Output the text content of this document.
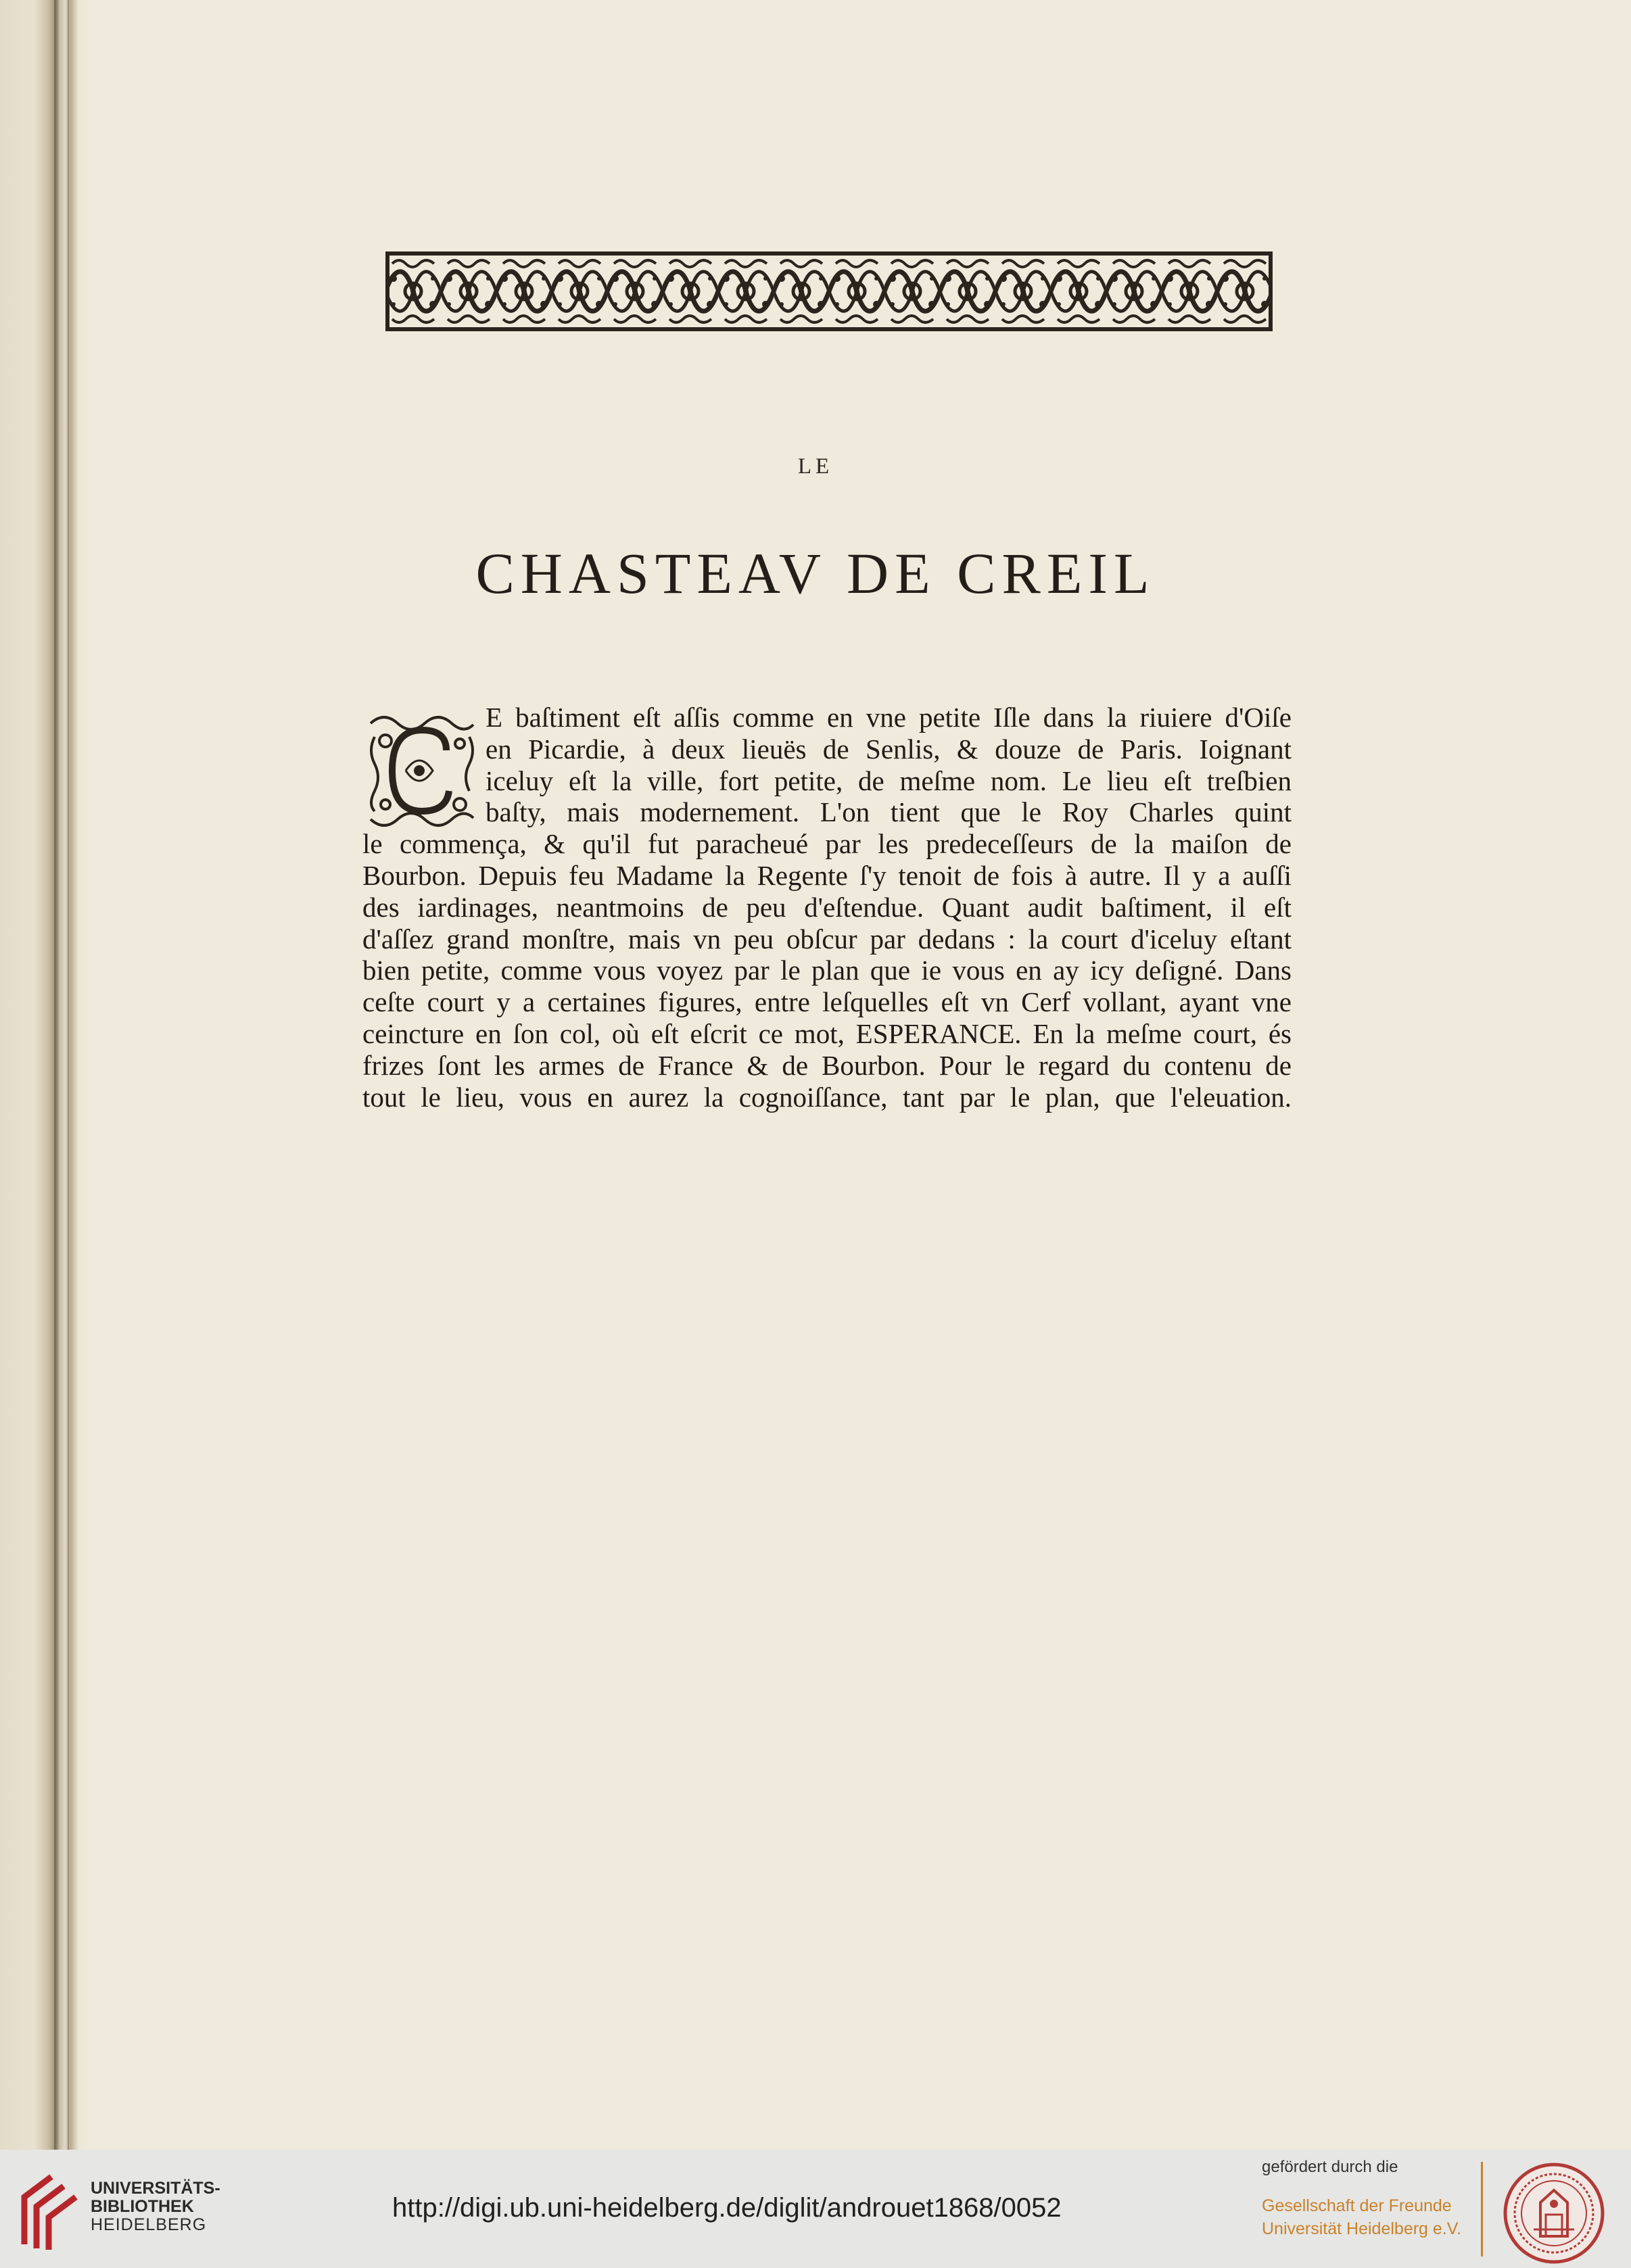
LE
CHASTEAV DE CREIL
E baſtiment eſt aſſis comme en vne petite Iſle dans la riuiere d'Oiſe
en Picardie, à deux lieuës de Senlis, & douze de Paris. Ioignant
iceluy eſt la ville, fort petite, de meſme nom. Le lieu eſt treſbien
baſty, mais modernement. L'on tient que le Roy Charles quint
le commença, & qu'il fut paracheué par les predeceſſeurs de la maiſon de
Bourbon. Depuis feu Madame la Regente ſ'y tenoit de fois à autre. Il y a auſſi
des iardinages, neantmoins de peu d'eſtendue. Quant audit baſtiment, il eſt
d'aſſez grand monſtre, mais vn peu obſcur par dedans : la court d'iceluy eſtant
bien petite, comme vous voyez par le plan que ie vous en ay icy deſigné. Dans
ceſte court y a certaines figures, entre leſquelles eſt vn Cerf vollant, ayant vne
ceincture en ſon col, où eſt eſcrit ce mot, ESPERANCE. En la meſme court, és
frizes ſont les armes de France & de Bourbon. Pour le regard du contenu de
tout le lieu, vous en aurez la cognoiſſance, tant par le plan, que l'eleuation.
UNIVERSITÄTS-
BIBLIOTHEK
HEIDELBERG
http://digi.ub.uni-heidelberg.de/diglit/androuet1868/0052
gefördert durch die
Gesellschaft der Freunde
Universität Heidelberg e.V.
